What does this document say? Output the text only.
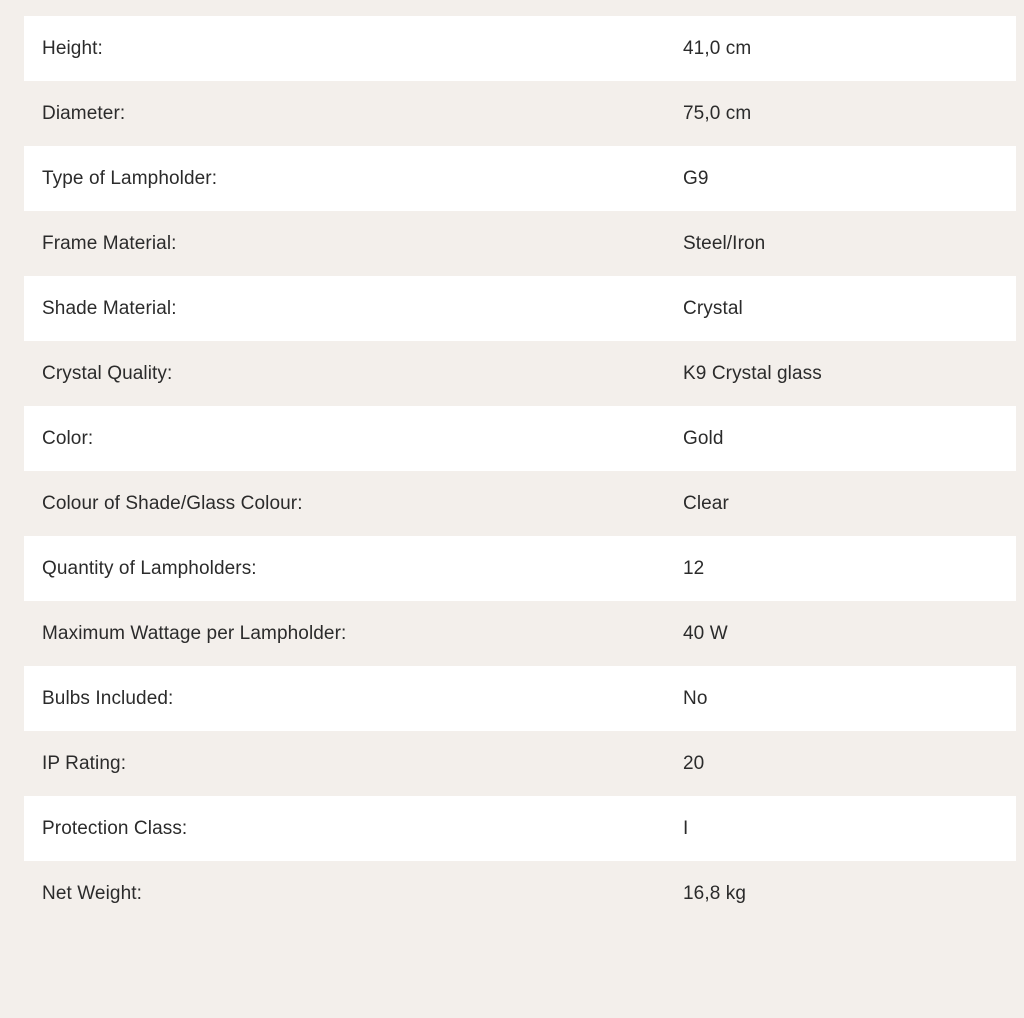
Height:	41,0 cm
Diameter:	75,0 cm
Type of Lampholder:	G9
Frame Material:	Steel/Iron
Shade Material:	Crystal
Crystal Quality:	K9 Crystal glass
Color:	Gold
Colour of Shade/Glass Colour:	Clear
Quantity of Lampholders:	12
Maximum Wattage per Lampholder:	40 W
Bulbs Included:	No
IP Rating:	20
Protection Class:	I
Net Weight:	16,8 kg
